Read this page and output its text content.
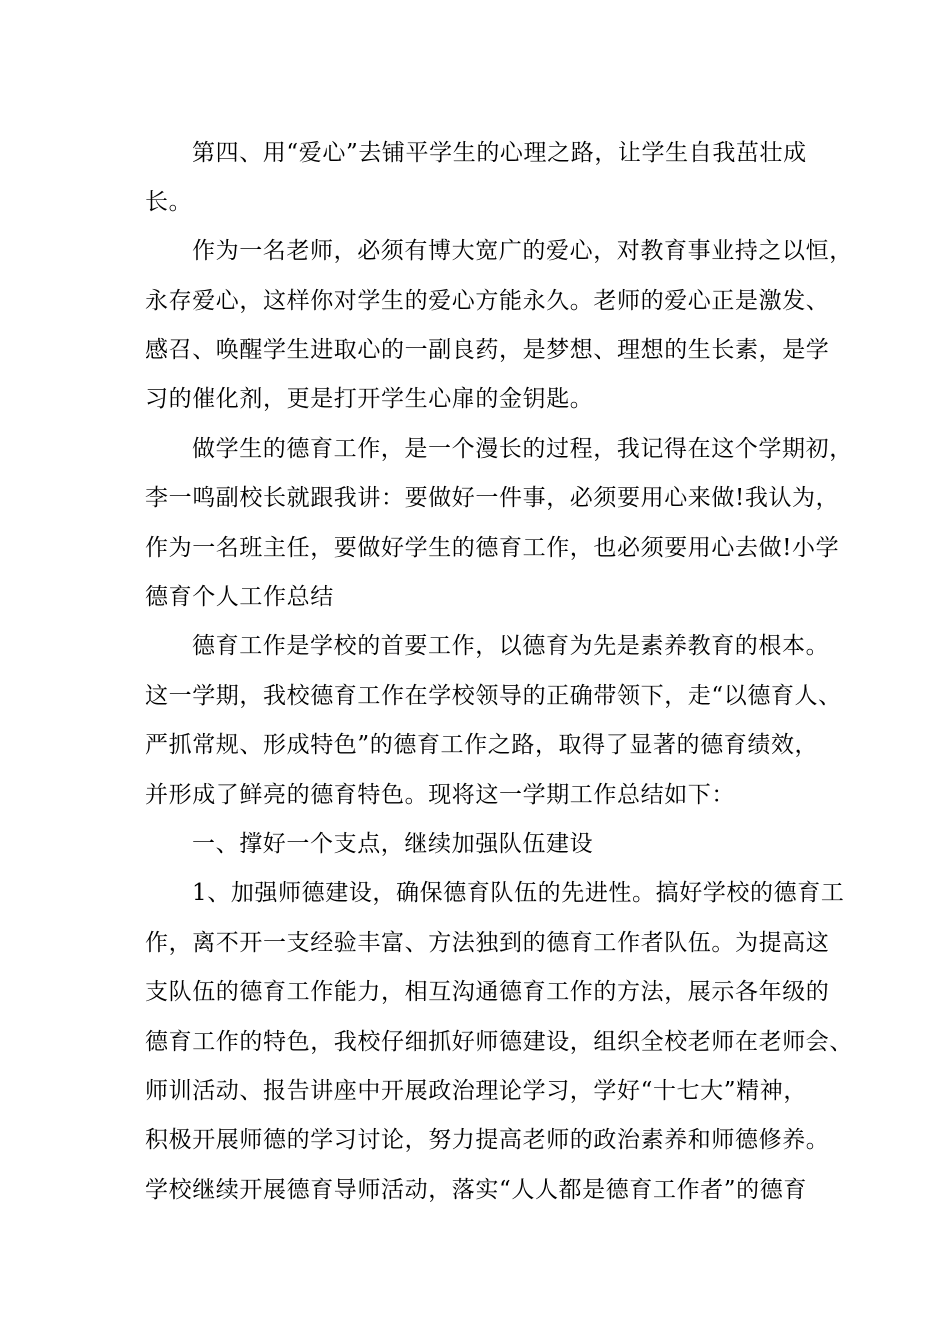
第四、用“爱心”去铺平学生的心理之路，让学生自我茁壮成
长。
作为一名老师，必须有博大宽广的爱心，对教育事业持之以恒，
永存爱心，这样你对学生的爱心方能永久。老师的爱心正是激发、
感召、唤醒学生进取心的一副良药，是梦想、理想的生长素，是学
习的催化剂，更是打开学生心扉的金钥匙。
做学生的德育工作，是一个漫长的过程，我记得在这个学期初，
李一鸣副校长就跟我讲：要做好一件事，必须要用心来做!我认为，
作为一名班主任，要做好学生的德育工作，也必须要用心去做!小学
德育个人工作总结
德育工作是学校的首要工作，以德育为先是素养教育的根本。
这一学期，我校德育工作在学校领导的正确带领下，走“以德育人、
严抓常规、形成特色”的德育工作之路，取得了显著的德育绩效，
并形成了鲜亮的德育特色。现将这一学期工作总结如下：
一、撑好一个支点，继续加强队伍建设
1、加强师德建设，确保德育队伍的先进性。搞好学校的德育工
作，离不开一支经验丰富、方法独到的德育工作者队伍。为提高这
支队伍的德育工作能力，相互沟通德育工作的方法，展示各年级的
德育工作的特色，我校仔细抓好师德建设，组织全校老师在老师会、
师训活动、报告讲座中开展政治理论学习，学好“十七大”精神，
积极开展师德的学习讨论，努力提高老师的政治素养和师德修养。
学校继续开展德育导师活动，落实“人人都是德育工作者”的德育
